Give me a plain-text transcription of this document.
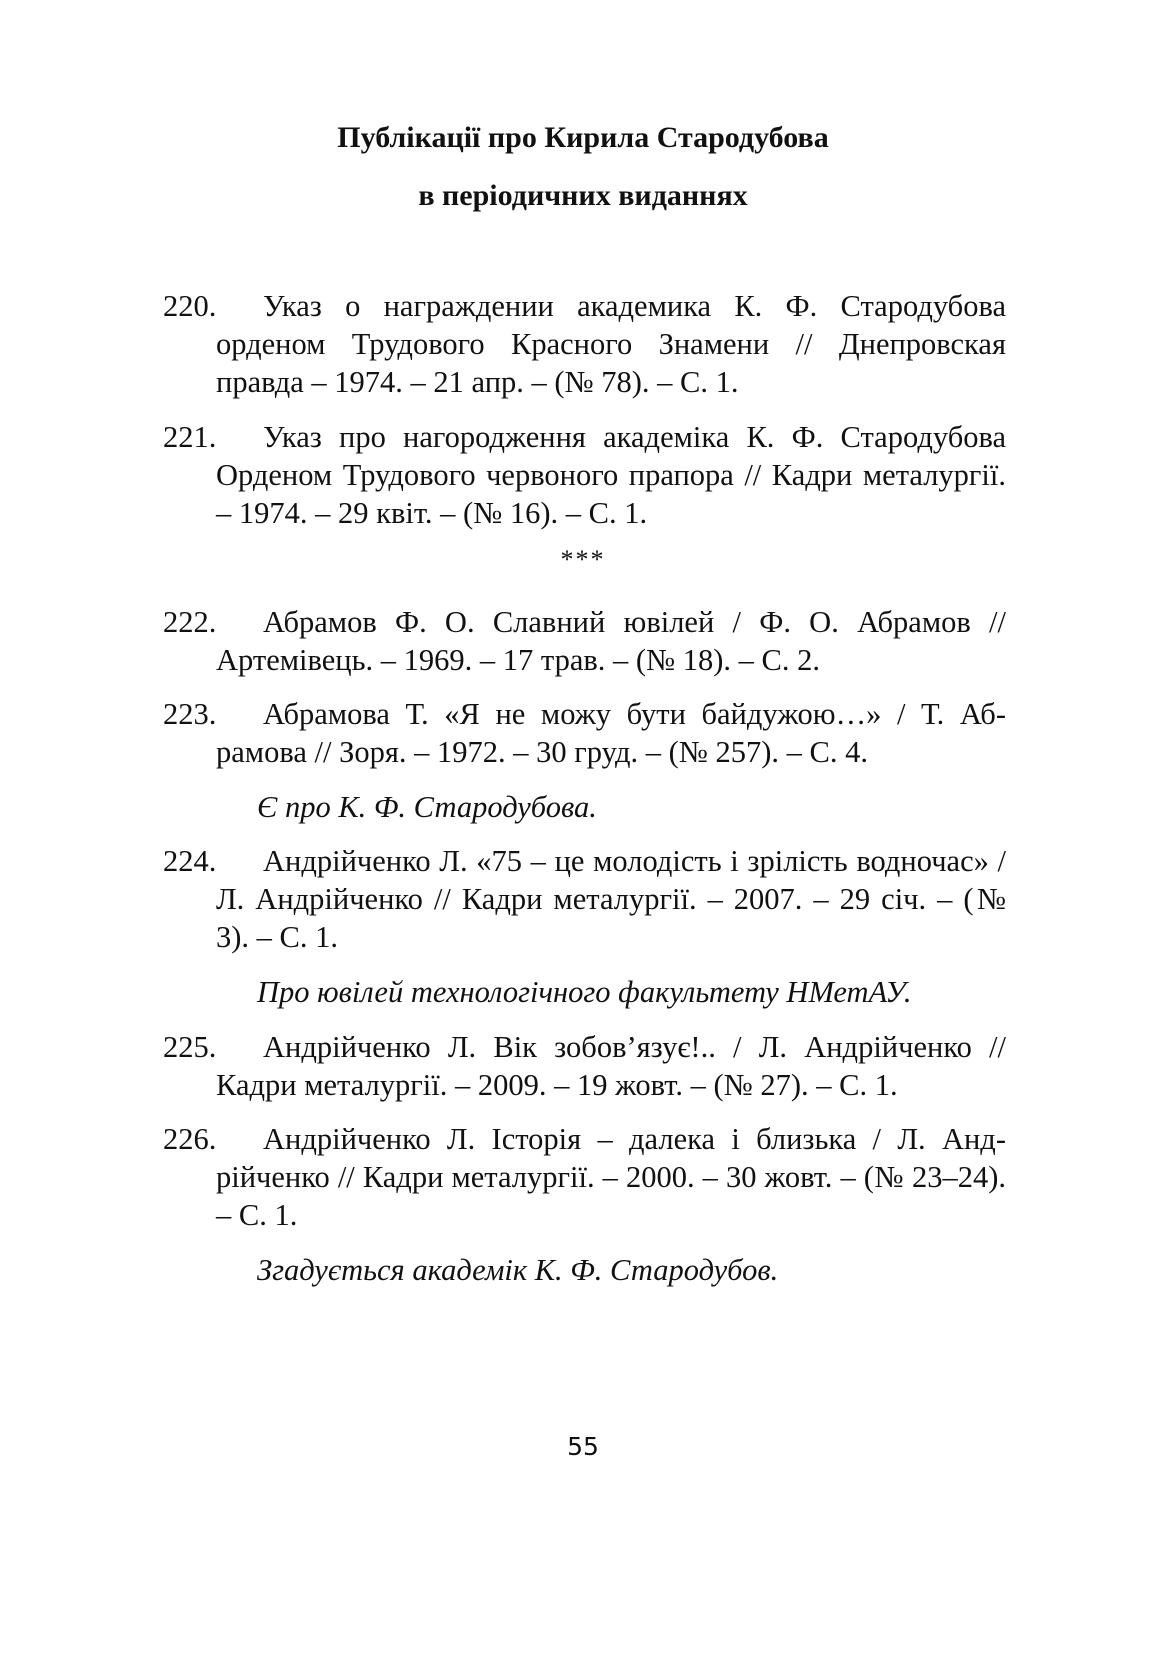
Публікації про Кирила Стародубова
в періодичних виданнях

220. Указ о награждении академика К. Ф. Стародубова орденом Трудового Красного Знамени // Днепровская правда – 1974. – 21 апр. – (№ 78). – С. 1.

221. Указ про нагородження академіка К. Ф. Стародубова Орденом Трудового червоного прапора // Кадри металургії. – 1974. – 29 квіт. – (№ 16). – С. 1.

***

222. Абрамов Ф. О. Славний ювілей / Ф. О. Абрамов // Артемівець. – 1969. – 17 трав. – (№ 18). – С. 2.

223. Абрамова Т. «Я не можу бути байдужою…» / Т. Абрамова // Зоря. – 1972. – 30 груд. – (№ 257). – С. 4.

Є про К. Ф. Стародубова.

224. Андрійченко Л. «75 – це молодість і зрілість водночас» / Л. Андрійченко // Кадри металургії. – 2007. – 29 січ. – (№ 3). – С. 1.

Про ювілей технологічного факультету НМетАУ.

225. Андрійченко Л. Вік зобов’язує!.. / Л. Андрійченко // Кадри металургії. – 2009. – 19 жовт. – (№ 27). – С. 1.

226. Андрійченко Л. Історія – далека і близька / Л. Андрійченко // Кадри металургії. – 2000. – 30 жовт. – (№ 23–24). – С. 1.

Згадується академік К. Ф. Стародубов.

55
